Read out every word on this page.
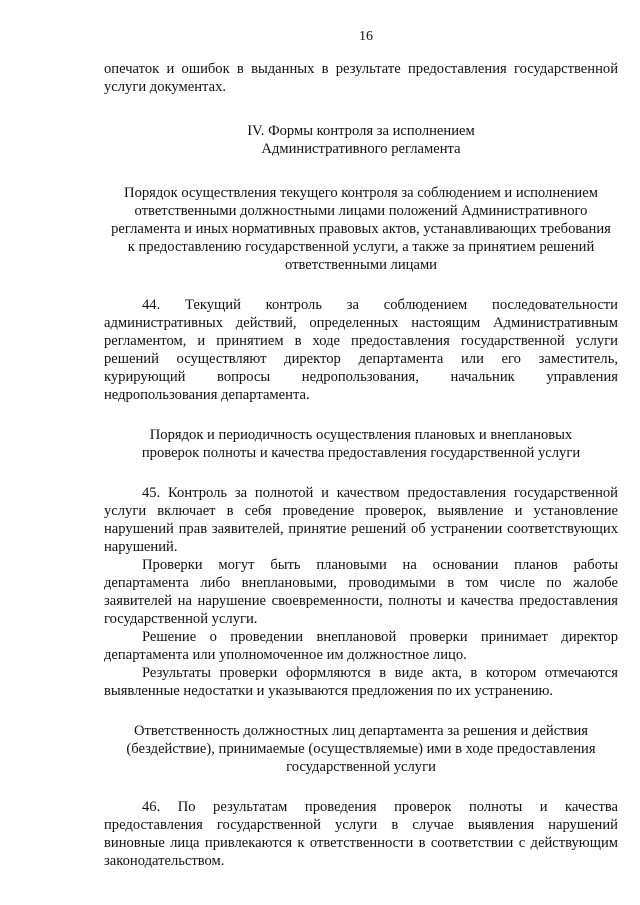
16

опечаток и ошибок в выданных в результате предоставления государственной услуги документах.

IV. Формы контроля за исполнением Административного регламента

Порядок осуществления текущего контроля за соблюдением и исполнением ответственными должностными лицами положений Административного регламента и иных нормативных правовых актов, устанавливающих требования к предоставлению государственной услуги, а также за принятием решений ответственными лицами

44. Текущий контроль за соблюдением последовательности административных действий, определенных настоящим Административным регламентом, и принятием в ходе предоставления государственной услуги решений осуществляют директор департамента или его заместитель, курирующий вопросы недропользования, начальник управления недропользования департамента.

Порядок и периодичность осуществления плановых и внеплановых проверок полноты и качества предоставления государственной услуги

45. Контроль за полнотой и качеством предоставления государственной услуги включает в себя проведение проверок, выявление и установление нарушений прав заявителей, принятие решений об устранении соответствующих нарушений.

Проверки могут быть плановыми на основании планов работы департамента либо внеплановыми, проводимыми в том числе по жалобе заявителей на нарушение своевременности, полноты и качества предоставления государственной услуги.

Решение о проведении внеплановой проверки принимает директор департамента или уполномоченное им должностное лицо.

Результаты проверки оформляются в виде акта, в котором отмечаются выявленные недостатки и указываются предложения по их устранению.

Ответственность должностных лиц департамента за решения и действия (бездействие), принимаемые (осуществляемые) ими в ходе предоставления государственной услуги

46. По результатам проведения проверок полноты и качества предоставления государственной услуги в случае выявления нарушений виновные лица привлекаются к ответственности в соответствии с действующим законодательством.
